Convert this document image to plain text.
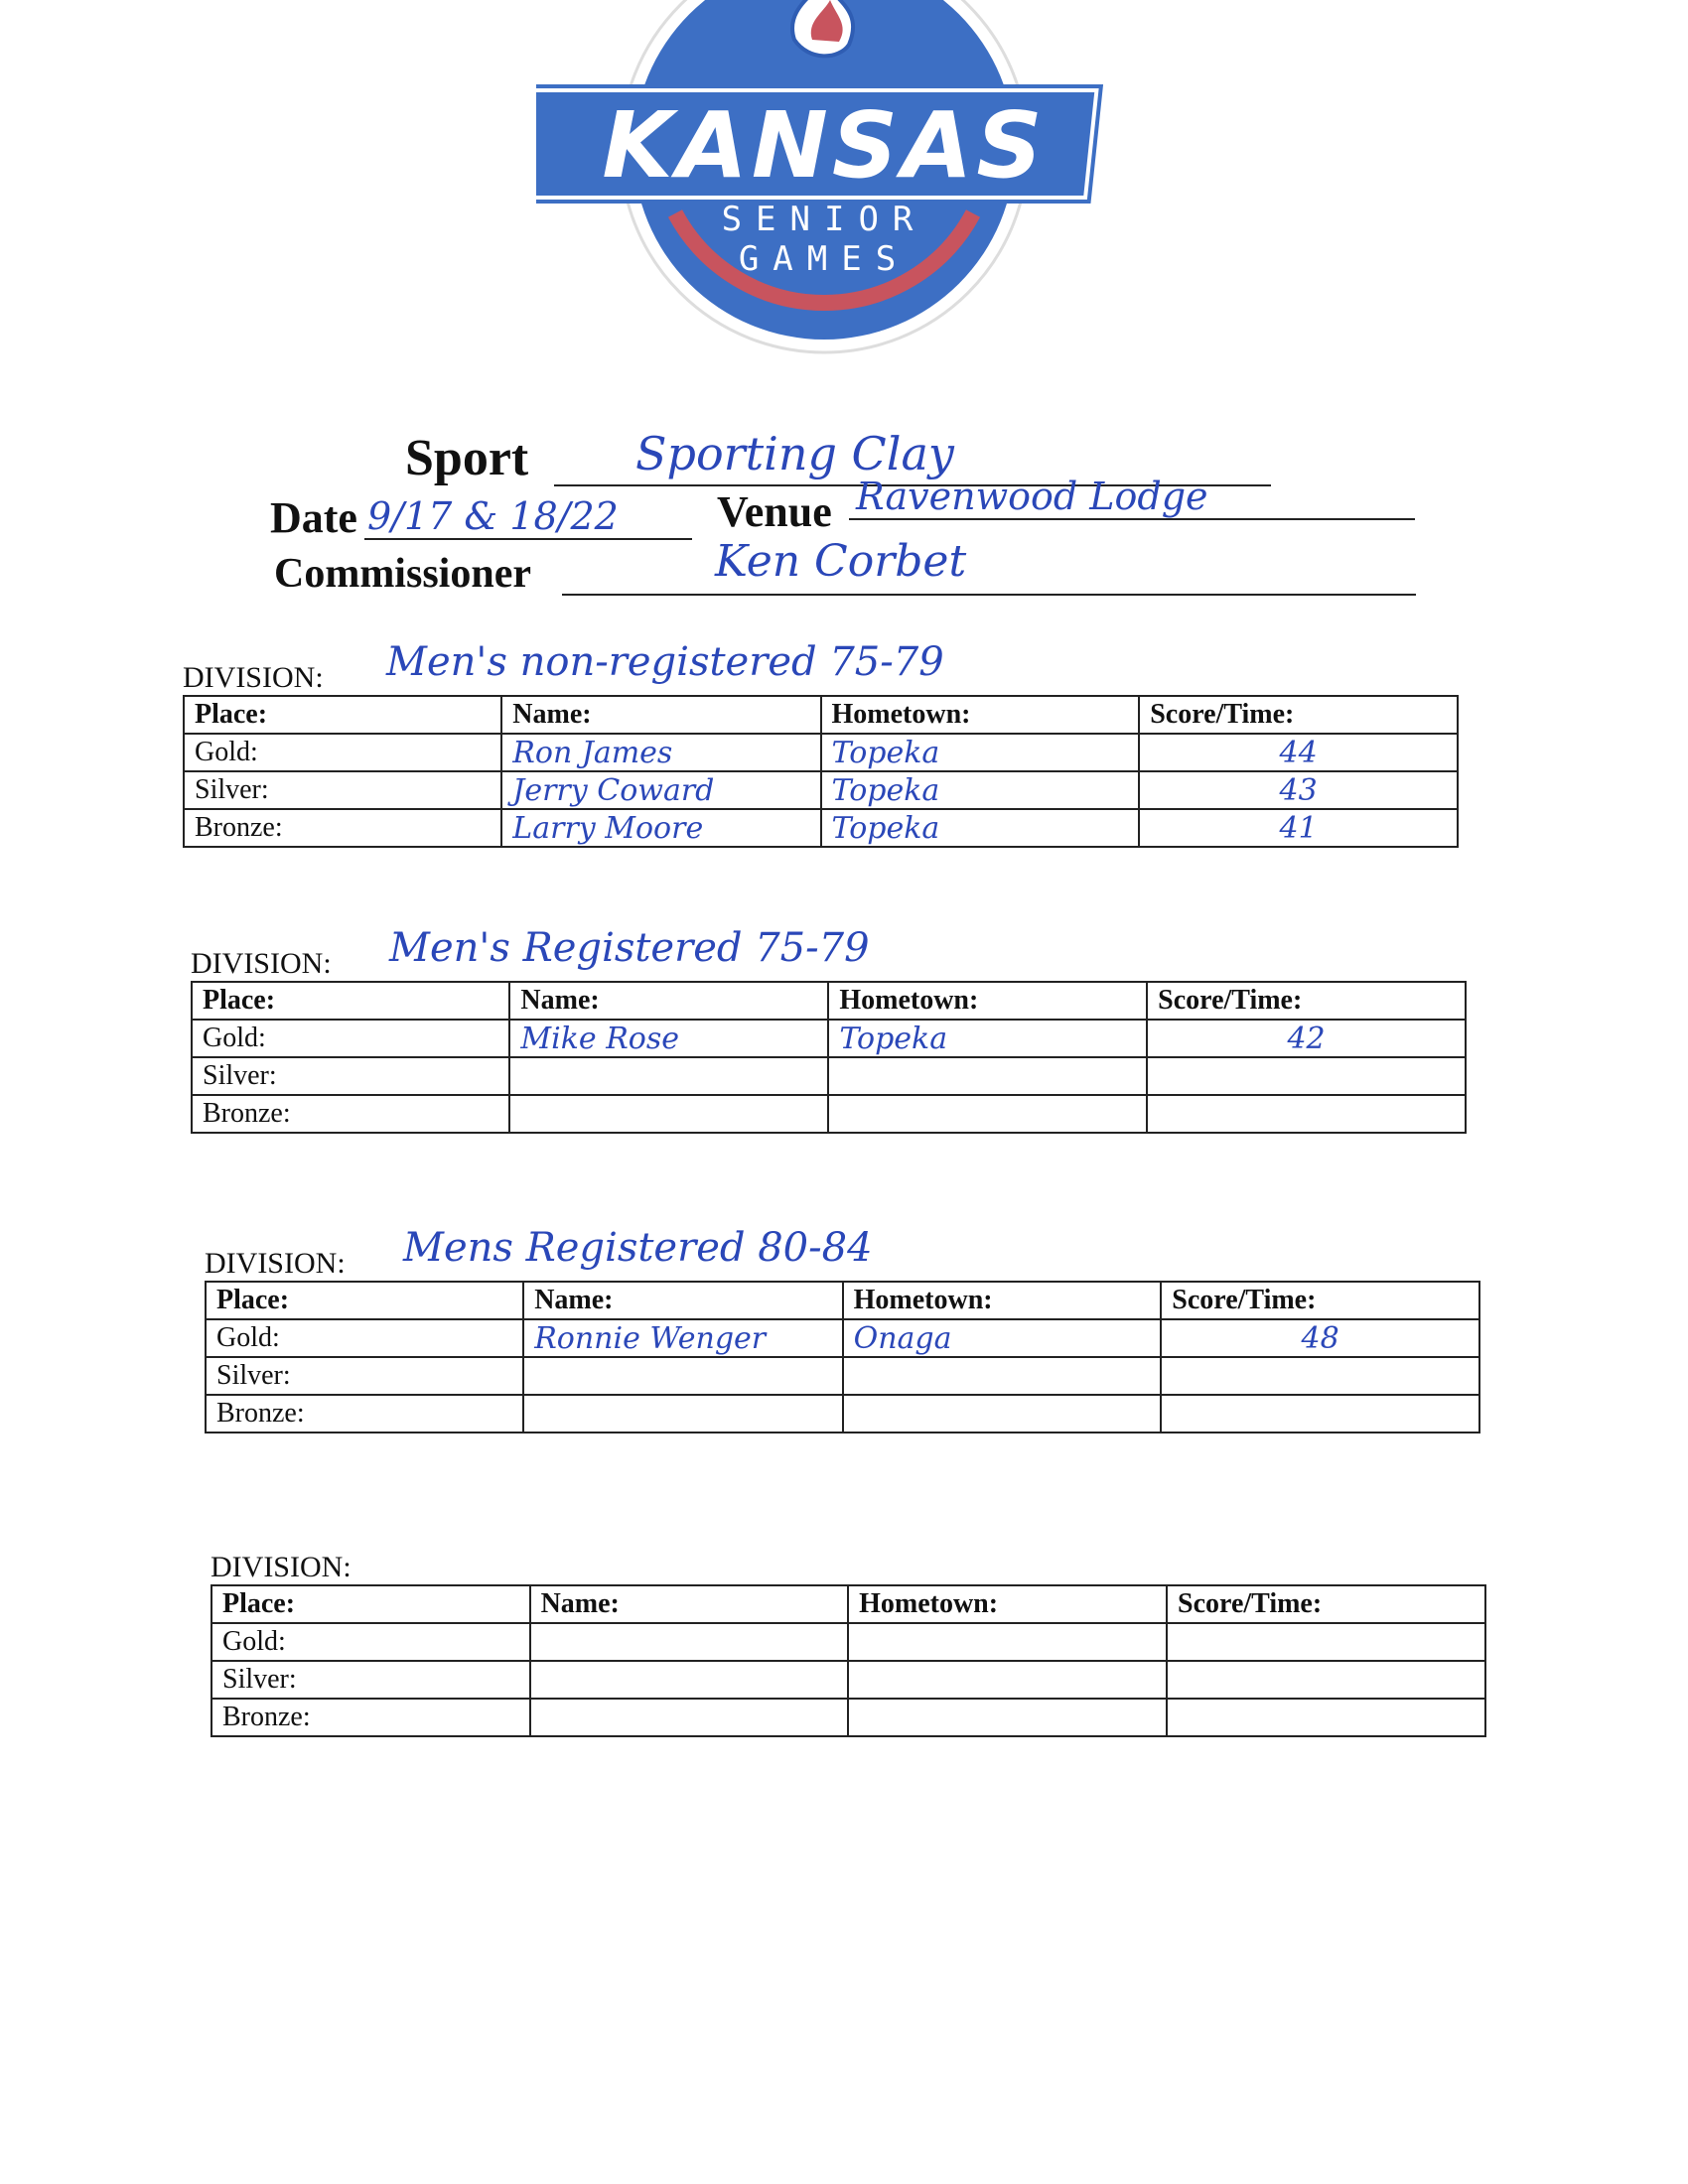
KANSAS
SENIOR
GAMES
Sport Sporting Clay
Date 9/17 & 18/22 Venue Ravenwood Lodge
Commissioner	Ken Corbet
DIVISION: Men's non-registered 75-79
Place:	Name:	Hometown:	Score/Time:
Gold:	Ron James	Topeka	44
Silver:	Jerry Coward	Topeka	43
Bronze:	Larry Moore	Topeka	41
DIVISION: Men's Registered 75-79
Place:	Name:	Hometown:	Score/Time:
Gold:	Mike Rose	Topeka	42
Silver:			
Bronze:			
DIVISION: Mens Registered 80-84
Place:	Name:	Hometown:	Score/Time:
Gold:	Ronnie Wenger	Onaga	48
Silver:			
Bronze:			
DIVISION:
Place:	Name:	Hometown:	Score/Time:
Gold:			
Silver:			
Bronze:			
